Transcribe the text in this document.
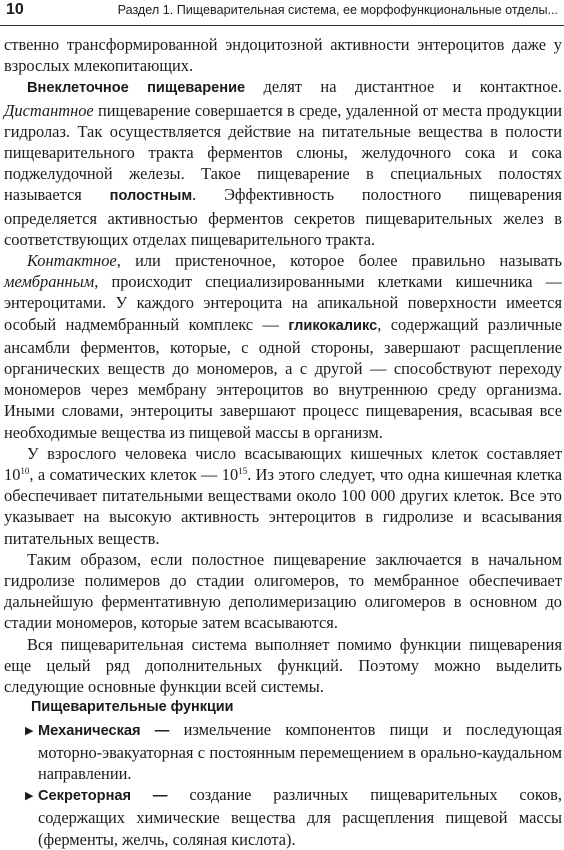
10	Раздел 1. Пищеварительная система, ее морфофункциональные отделы...

ственно трансформированной эндоцитозной активности энтероцитов даже у взрослых млекопитающих.

Внеклеточное пищеварение делят на дистантное и контактное. Дистантное пищеварение совершается в среде, удаленной от места продукции гидролаз. Так осуществляется действие на питательные вещества в полости пищеварительного тракта ферментов слюны, желудочного сока и сока поджелудочной железы. Такое пищеварение в специальных полостях называется полостным. Эффективность полостного пищеварения определяется активностью ферментов секретов пищеварительных желез в соответствующих отделах пищеварительного тракта.

Контактное, или пристеночное, которое более правильно называть мембранным, происходит специализированными клетками кишечника — энтероцитами. У каждого энтероцита на апикальной поверхности имеется особый надмембранный комплекс — гликокаликс, содержащий различные ансамбли ферментов, которые, с одной стороны, завершают расщепление органических веществ до мономеров, а с другой — способствуют переходу мономеров через мембрану энтероцитов во внутреннюю среду организма. Иными словами, энтероциты завершают процесс пищеварения, всасывая все необходимые вещества из пищевой массы в организм.

У взрослого человека число всасывающих кишечных клеток составляет $10^{10}$, а соматических клеток — $10^{15}$. Из этого следует, что одна кишечная клетка обеспечивает питательными веществами около 100 000 других клеток. Все это указывает на высокую активность энтероцитов в гидролизе и всасывания питательных веществ.

Таким образом, если полостное пищеварение заключается в начальном гидролизе полимеров до стадии олигомеров, то мембранное обеспечивает дальнейшую ферментативную деполимеризацию олигомеров в основном до стадии мономеров, которые затем всасываются.

Вся пищеварительная система выполняет помимо функции пищеварения еще целый ряд дополнительных функций. Поэтому можно выделить следующие основные функции всей системы.

Пищеварительные функции

▶ Механическая — измельчение компонентов пищи и последующая моторно-эвакуаторная с постоянным перемещением в орально-каудальном направлении.

▶ Секреторная — создание различных пищеварительных соков, содержащих химические вещества для расщепления пищевой массы (ферменты, желчь, соляная кислота).
